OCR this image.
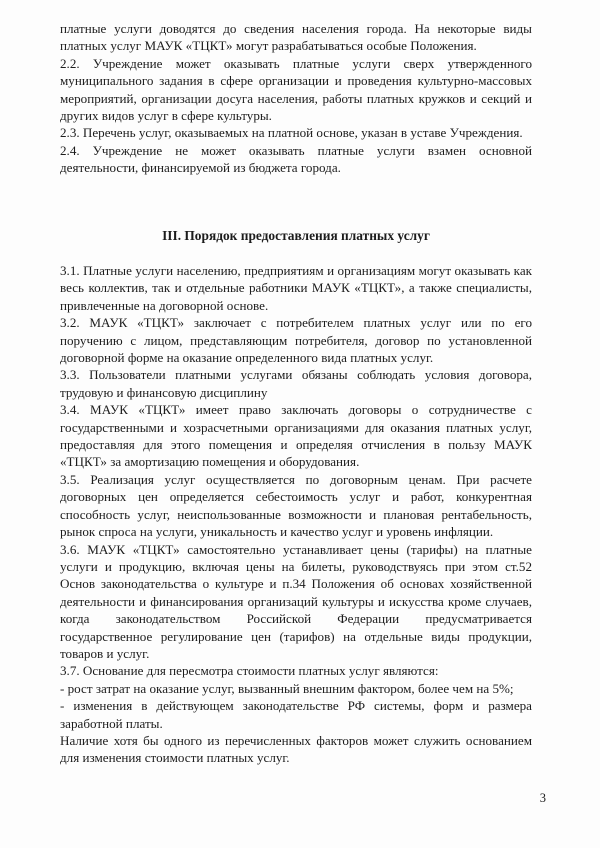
платные услуги доводятся до сведения населения города. На некоторые виды платных услуг МАУК «ТЦКТ» могут разрабатываться особые Положения.

2.2. Учреждение может оказывать платные услуги сверх утвержденного муниципального задания в сфере организации и проведения культурно-массовых мероприятий, организации досуга населения, работы платных кружков и секций и других видов услуг в сфере культуры.

2.3. Перечень услуг, оказываемых на платной основе, указан в уставе Учреждения.

2.4. Учреждение не может оказывать платные услуги взамен основной деятельности, финансируемой из бюджета города.

III. Порядок предоставления платных услуг

3.1. Платные услуги населению, предприятиям и организациям могут оказывать как весь коллектив, так и отдельные работники МАУК «ТЦКТ», а также специалисты, привлеченные на договорной основе.

3.2. МАУК «ТЦКТ» заключает с потребителем платных услуг или по его поручению с лицом, представляющим потребителя, договор по установленной договорной форме на оказание определенного вида платных услуг.

3.3. Пользователи платными услугами обязаны соблюдать условия договора, трудовую и финансовую дисциплину

3.4. МАУК «ТЦКТ» имеет право заключать договоры о сотрудничестве с государственными и хозрасчетными организациями для оказания платных услуг, предоставляя для этого помещения и определяя отчисления в пользу МАУК «ТЦКТ» за амортизацию помещения и оборудования.

3.5. Реализация услуг осуществляется по договорным ценам. При расчете договорных цен определяется себестоимость услуг и работ, конкурентная способность услуг, неиспользованные возможности и плановая рентабельность, рынок спроса на услуги, уникальность и качество услуг и уровень инфляции.

3.6. МАУК «ТЦКТ» самостоятельно устанавливает цены (тарифы) на платные услуги и продукцию, включая цены на билеты, руководствуясь при этом ст.52 Основ законодательства о культуре и п.34 Положения об основах хозяйственной деятельности и финансирования организаций культуры и искусства кроме случаев, когда законодательством Российской Федерации предусматривается государственное регулирование цен (тарифов) на отдельные виды продукции, товаров и услуг.

3.7. Основание для пересмотра стоимости платных услуг являются:

- рост затрат на оказание услуг, вызванный внешним фактором, более чем на 5%;

- изменения в действующем законодательстве РФ системы, форм и размера заработной платы.

Наличие хотя бы одного из перечисленных факторов может служить основанием для изменения стоимости платных услуг.

3
